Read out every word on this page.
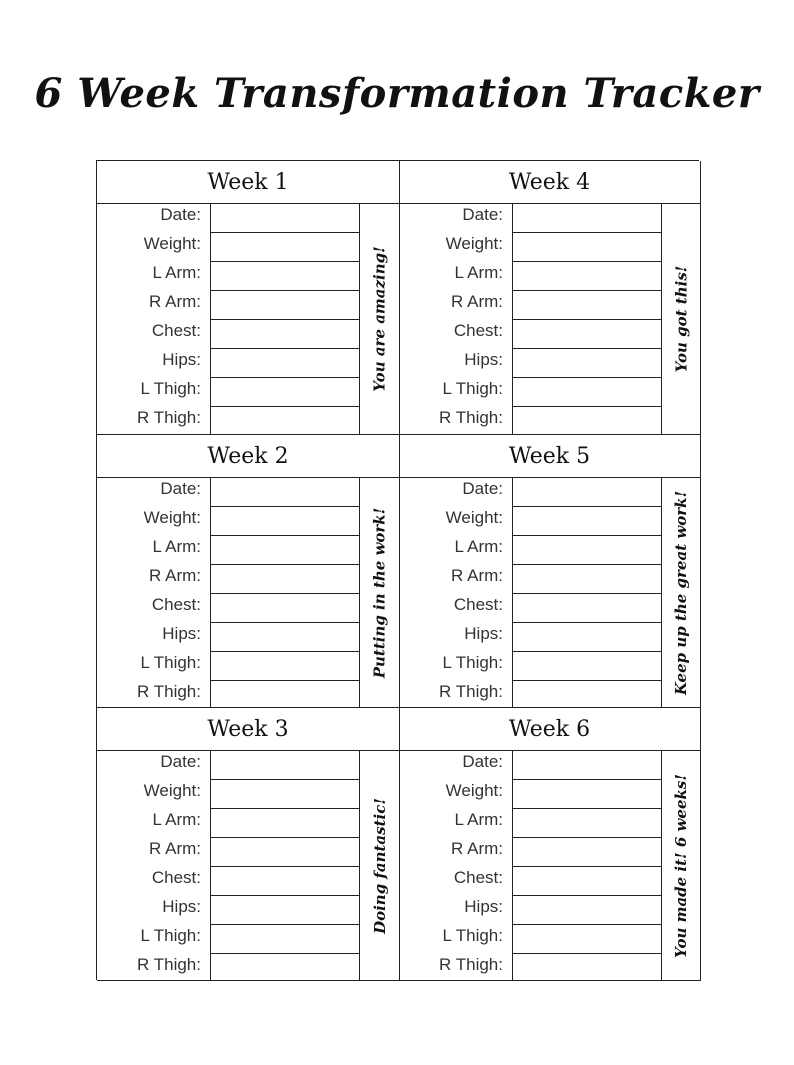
6 Week Transformation Tracker
Week 1
Date:
Weight:
L Arm:
R Arm:
Chest:
Hips:
L Thigh:
R Thigh:
You are amazing!
Week 2
Date:
Weight:
L Arm:
R Arm:
Chest:
Hips:
L Thigh:
R Thigh:
Putting in the work!
Week 3
Date:
Weight:
L Arm:
R Arm:
Chest:
Hips:
L Thigh:
R Thigh:
Doing fantastic!
Week 4
Date:
Weight:
L Arm:
R Arm:
Chest:
Hips:
L Thigh:
R Thigh:
You got this!
Week 5
Date:
Weight:
L Arm:
R Arm:
Chest:
Hips:
L Thigh:
R Thigh:	Keep up the great work!
Week 6
Date:
Weight:
L Arm:
R Arm:
Chest:
Hips:
L Thigh:
R Thigh:
You made it! 6 weeks!
